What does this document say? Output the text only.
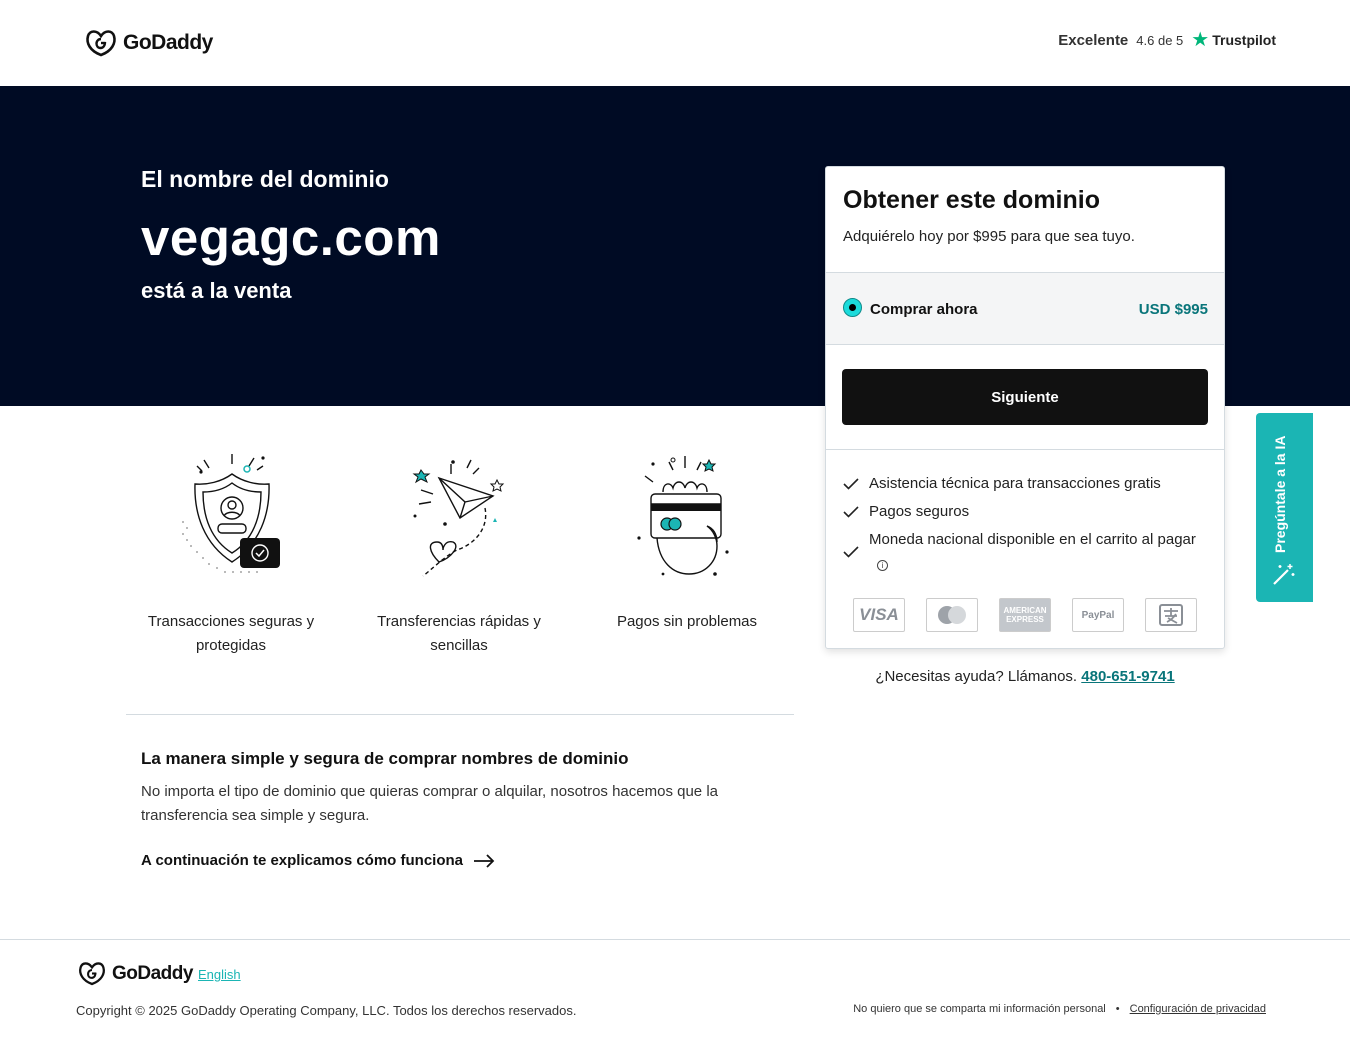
GoDaddy	Excelente 4.6 de 5 ★ Trustpilot
El nombre del dominio
vegagc.com
está a la venta
Obtener este dominio
Adquiérelo hoy por $995 para que sea tuyo.
Comprar ahora	USD $995
Siguiente
Asistencia técnica para transacciones gratis
Pagos seguros
Moneda nacional disponible en el carrito al pagari
VISA	AMERICAN EXPRESS	PayPal
¿Necesitas ayuda? Llámanos. 480-651-9741
Pregúntale a la IA
Transacciones seguras y protegidas
Transferencias rápidas y sencillas
Pagos sin problemas
La manera simple y segura de comprar nombres de dominio
No importa el tipo de dominio que quieras comprar o alquilar, nosotros hacemos que la transferencia sea simple y segura.
A continuación te explicamos cómo funciona
GoDaddy English
Copyright © 2025 GoDaddy Operating Company, LLC. Todos los derechos reservados.	No quiero que se comparta mi información personal • Configuración de privacidad
